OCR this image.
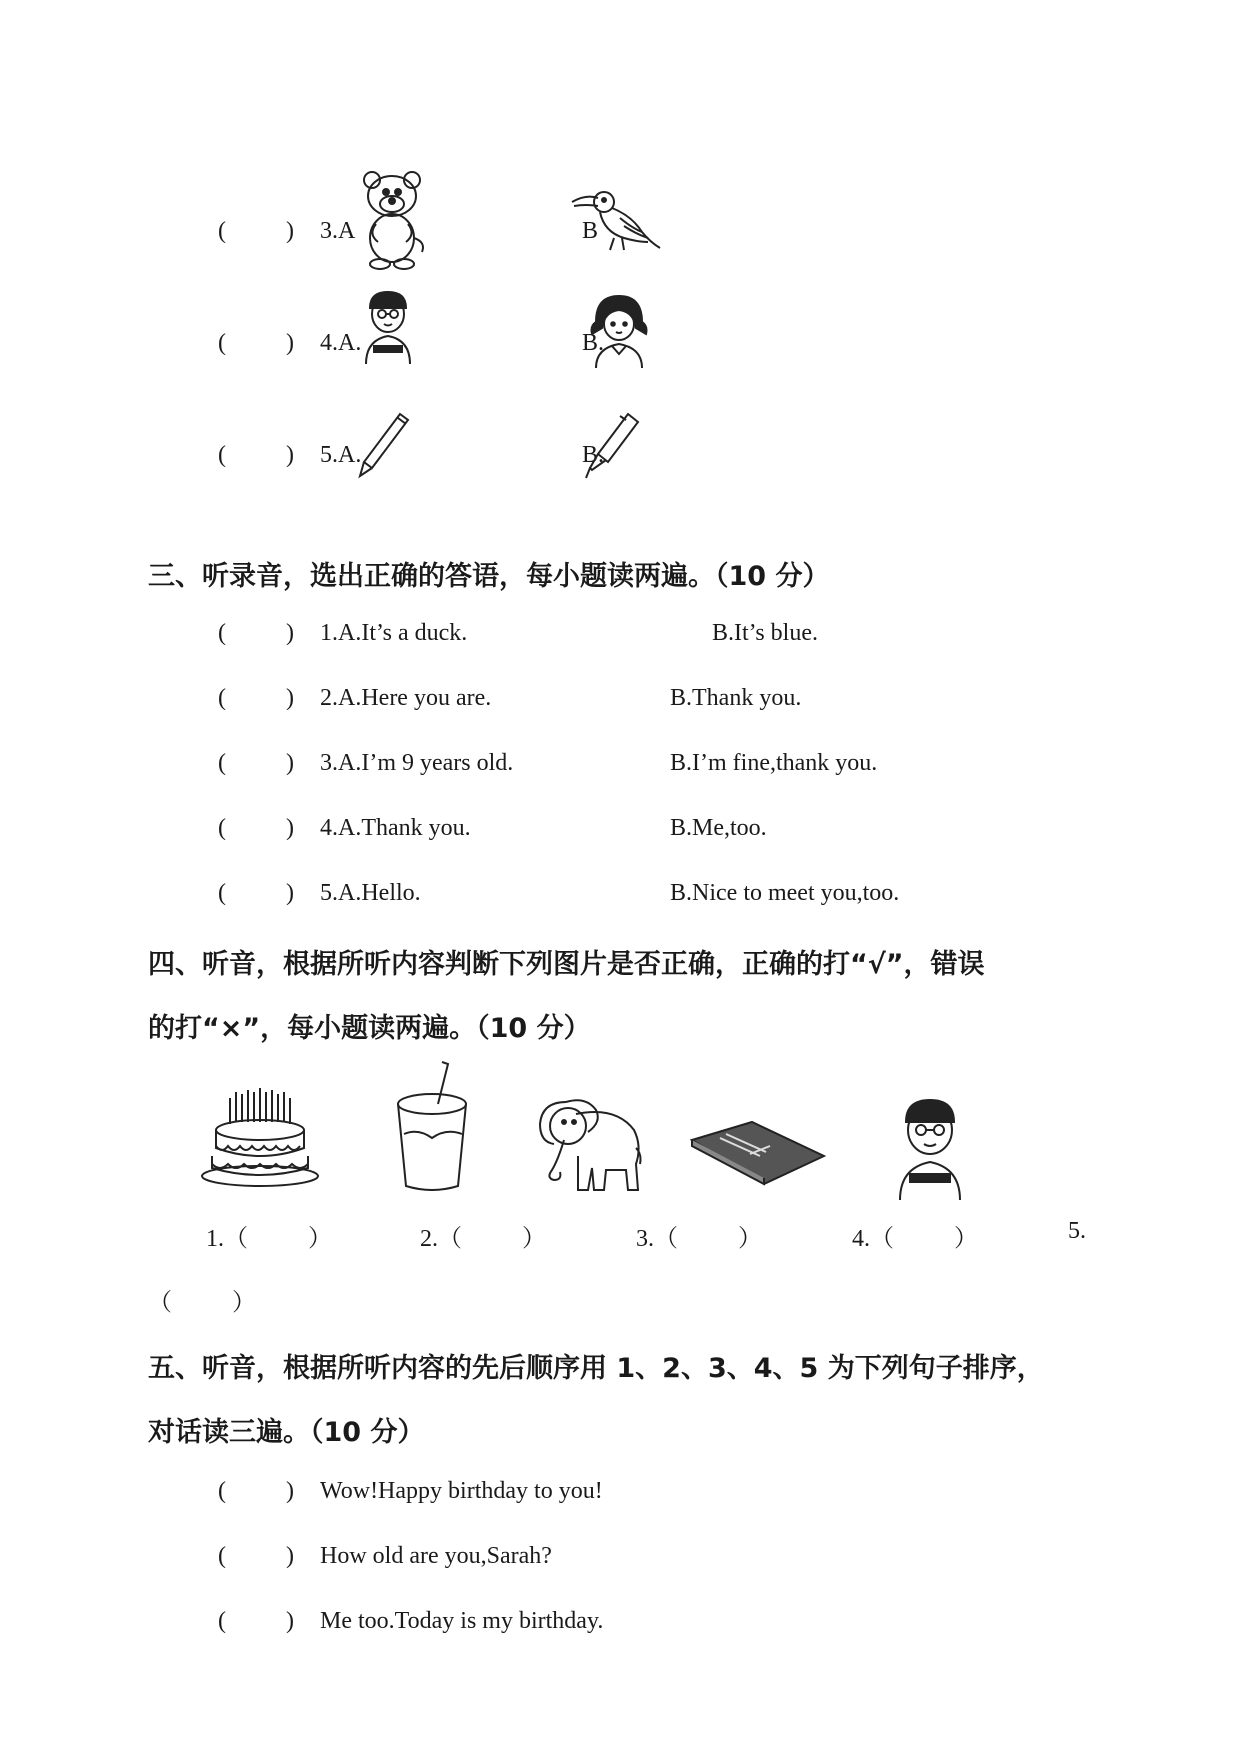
(          ) 3.A	B
(          ) 4.A.	B.
(          ) 5.A.	B.
三、听录音，选出正确的答语，每小题读两遍。（10 分）
(          ) 1.A.It’s a duck.	B.It’s blue.
(          ) 2.A.Here you are.	B.Thank you.
(          ) 3.A.I’m 9 years old.	B.I’m fine,thank you.
(          ) 4.A.Thank you.	B.Me,too.
(          ) 5.A.Hello.	B.Nice to meet you,too.
四、听音，根据所听内容判断下列图片是否正确，正确的打“√”，错误
的打“×”，每小题读两遍。（10 分）
1.（          ）	2.（          ）	3.（          ）	4.（          ）	5.
（          ）
五、听音，根据所听内容的先后顺序用 1、2、3、4、5 为下列句子排序，
对话读三遍。（10 分）
(          ) Wow!Happy birthday to you!
(          ) How old are you,Sarah?
(          ) Me too.Today is my birthday.
